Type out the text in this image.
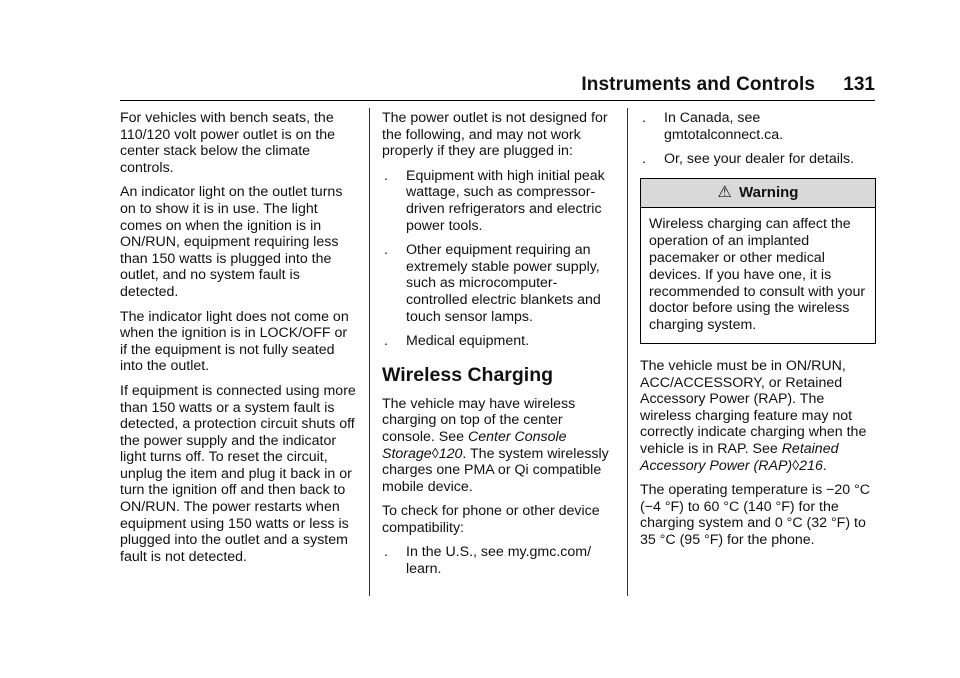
Instruments and Controls 131

For vehicles with bench seats, the 110/120 volt power outlet is on the center stack below the climate controls.

An indicator light on the outlet turns on to show it is in use. The light comes on when the ignition is in ON/RUN, equipment requiring less than 150 watts is plugged into the outlet, and no system fault is detected.

The indicator light does not come on when the ignition is in LOCK/OFF or if the equipment is not fully seated into the outlet.

If equipment is connected using more than 150 watts or a system fault is detected, a protection circuit shuts off the power supply and the indicator light turns off. To reset the circuit, unplug the item and plug it back in or turn the ignition off and then back to ON/RUN. The power restarts when equipment using 150 watts or less is plugged into the outlet and a system fault is not detected.

The power outlet is not designed for the following, and may not work properly if they are plugged in:

. Equipment with high initial peak wattage, such as compressor-driven refrigerators and electric power tools.
. Other equipment requiring an extremely stable power supply, such as microcomputer-controlled electric blankets and touch sensor lamps.
. Medical equipment.
Wireless Charging

The vehicle may have wireless charging on top of the center console. See Center Console Storage◊120. The system wirelessly charges one PMA or Qi compatible mobile device.

To check for phone or other device compatibility:

. In the U.S., see my.gmc.com/ learn.
. In Canada, see gmtotalconnect.ca.
. Or, see your dealer for details.
⚠ Warning
Wireless charging can affect the operation of an implanted pacemaker or other medical devices. If you have one, it is recommended to consult with your doctor before using the wireless charging system.

The vehicle must be in ON/RUN, ACC/ACCESSORY, or Retained Accessory Power (RAP). The wireless charging feature may not correctly indicate charging when the vehicle is in RAP. See Retained Accessory Power (RAP)◊216.

The operating temperature is −20 °C (−4 °F) to 60 °C (140 °F) for the charging system and 0 °C (32 °F) to 35 °C (95 °F) for the phone.
